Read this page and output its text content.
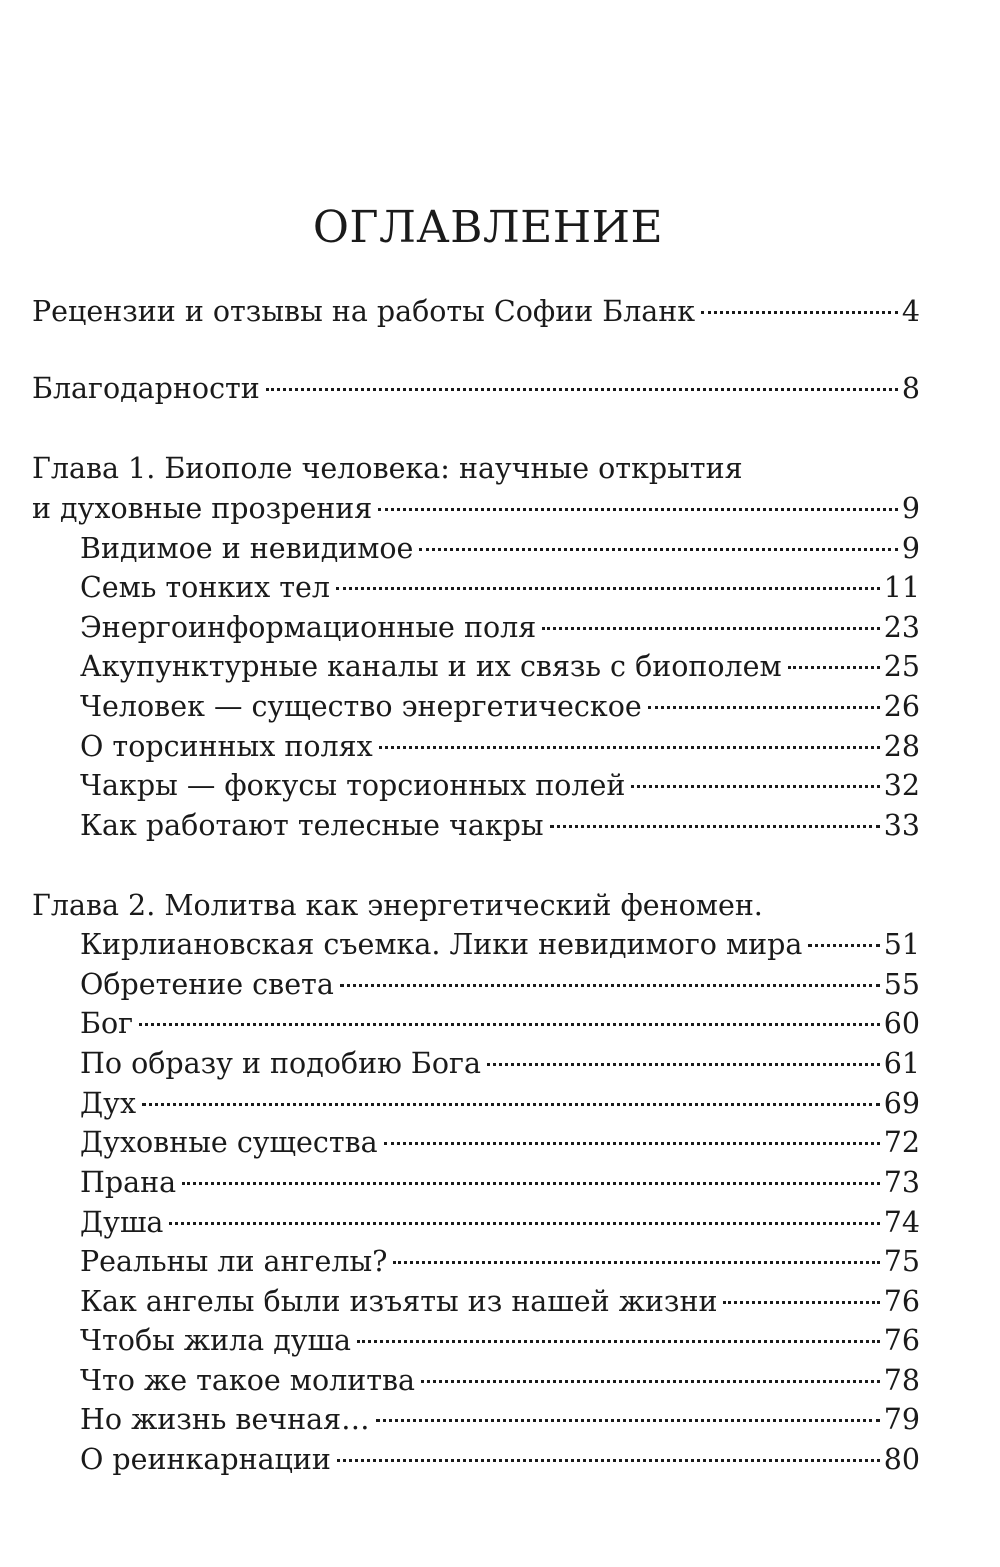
ОГЛАВЛЕНИЕ
Рецензии и отзывы на работы Софии Бланк	4
Благодарности	8
Глава 1. Биополе человека: научные открытия
и духовные прозрения	9
Видимое и невидимое	9
Семь тонких тел	11
Энергоинформационные поля	23
Акупунктурные каналы и их связь с биополем	25
Человек — существо энергетическое	26
О торсинных полях	28
Чакры — фокусы торсионных полей	32
Как работают телесные чакры	33
Глава 2. Молитва как энергетический феномен.
Кирлиановская съемка. Лики невидимого мира	51
Обретение света	55
Бог	60
По образу и подобию Бога	61
Дух	69
Духовные существа	72
Прана	73
Душа	74
Реальны ли ангелы?	75
Как ангелы были изъяты из нашей жизни	76
Чтобы жила душа	76
Что же такое молитва	78
Но жизнь вечная…	79
О реинкарнации	80
